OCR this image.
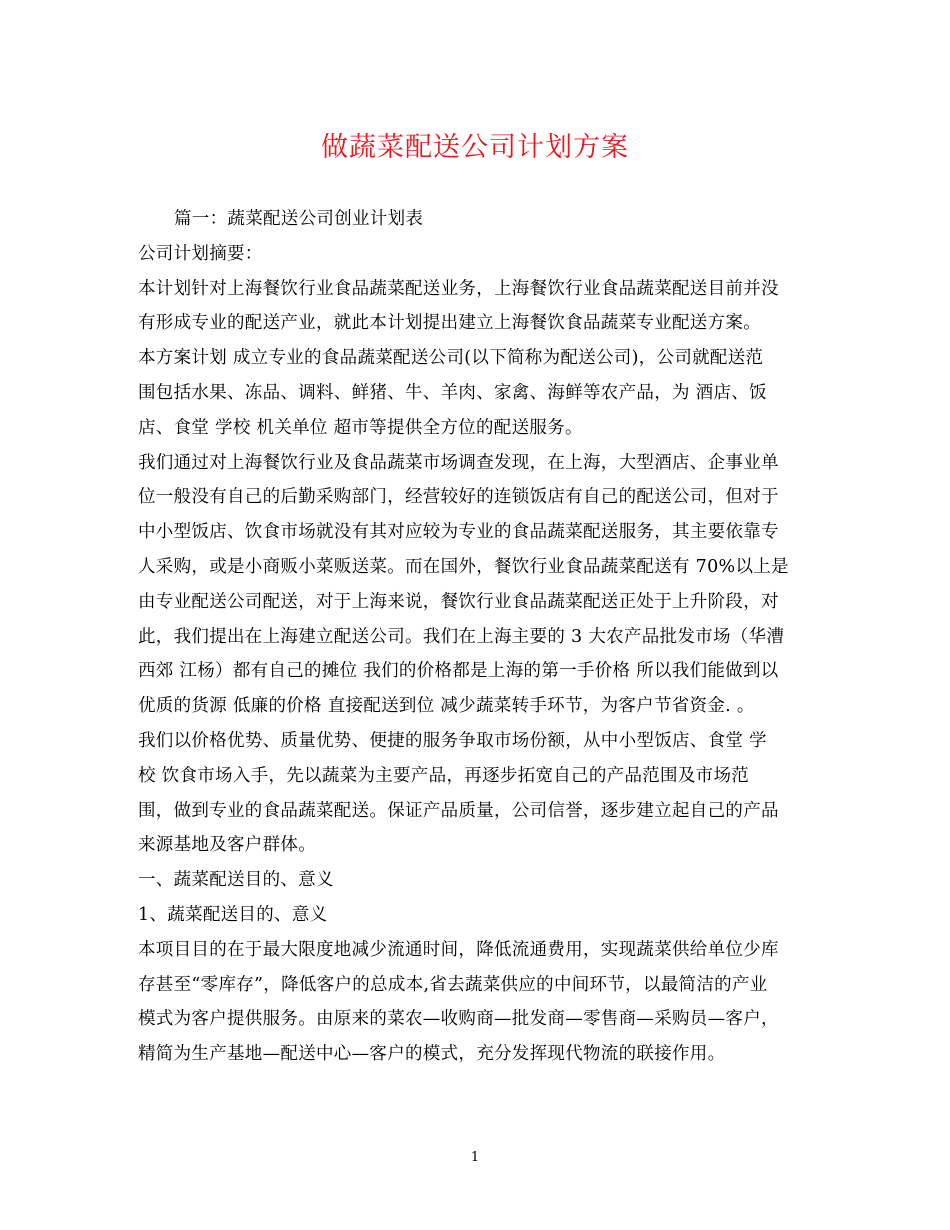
做蔬菜配送公司计划方案
篇一：蔬菜配送公司创业计划表
公司计划摘要：
本计划针对上海餐饮行业食品蔬菜配送业务，上海餐饮行业食品蔬菜配送目前并没
有形成专业的配送产业，就此本计划提出建立上海餐饮食品蔬菜专业配送方案。
本方案计划 成立专业的食品蔬菜配送公司(以下简称为配送公司)，公司就配送范
围包括水果、冻品、调料、鲜猪、牛、羊肉、家禽、海鲜等农产品，为 酒店、饭
店、食堂 学校 机关单位 超市等提供全方位的配送服务。
我们通过对上海餐饮行业及食品蔬菜市场调查发现，在上海，大型酒店、企事业单
位一般没有自己的后勤采购部门，经营较好的连锁饭店有自己的配送公司，但对于
中小型饭店、饮食市场就没有其对应较为专业的食品蔬菜配送服务，其主要依靠专
人采购，或是小商贩小菜贩送菜。而在国外，餐饮行业食品蔬菜配送有 70%以上是
由专业配送公司配送，对于上海来说，餐饮行业食品蔬菜配送正处于上升阶段，对
此，我们提出在上海建立配送公司。我们在上海主要的 3 大农产品批发市场（华漕
西郊 江杨）都有自己的摊位 我们的价格都是上海的第一手价格 所以我们能做到以
优质的货源 低廉的价格 直接配送到位 减少蔬菜转手环节，为客户节省资金. 。
我们以价格优势、质量优势、便捷的服务争取市场份额，从中小型饭店、食堂 学
校 饮食市场入手，先以蔬菜为主要产品，再逐步拓宽自己的产品范围及市场范
围，做到专业的食品蔬菜配送。保证产品质量，公司信誉，逐步建立起自己的产品
来源基地及客户群体。
一、蔬菜配送目的、意义
1、蔬菜配送目的、意义
本项目目的在于最大限度地减少流通时间，降低流通费用，实现蔬菜供给单位少库
存甚至“零库存”，降低客户的总成本,省去蔬菜供应的中间环节，以最简洁的产业
模式为客户提供服务。由原来的菜农—收购商—批发商—零售商—采购员—客户，
精简为生产基地—配送中心—客户的模式，充分发挥现代物流的联接作用。
1
